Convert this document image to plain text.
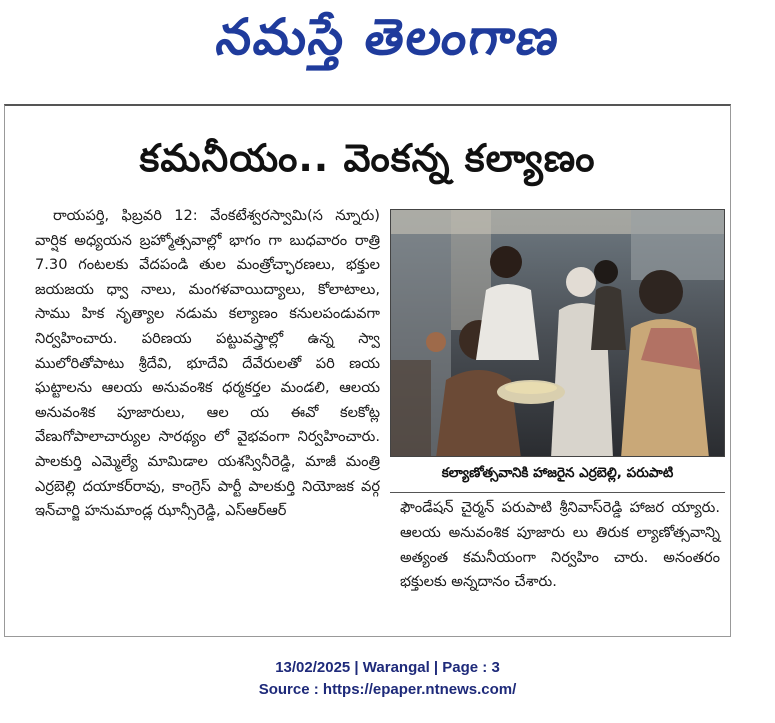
నమస్తే తెలంగాణ
కమనీయం.. వెంకన్న కల్యాణం

రాయపర్తి, ఫిబ్రవరి 12: వేంకటేశ్వరస్వామి(స న్నూరు) వార్షిక అధ్యయన బ్రహ్మోత్సవాల్లో భాగం గా బుధవారం రాత్రి 7.30 గంటలకు వేదపండి తుల మంత్రోచ్ఛారణలు, భక్తుల జయజయ ధ్వా నాలు, మంగళవాయిద్యాలు, కోలాటాలు, సాము హిక నృత్యాల నడుమ కల్యాణం కనులపండువగా నిర్వహించారు. పరిణయ పట్టువస్త్రాల్లో ఉన్న స్వా ములోరితోపాటు శ్రీదేవి, భూదేవి దేవేరులతో పరి ణయ ఘట్టాలను ఆలయ అనువంశిక ధర్మకర్తల మండలి, ఆలయ అనువంశిక పూజారులు, ఆల య ఈవో కలకోట్ల వేణుగోపాలాచార్యుల సారథ్యం లో వైభవంగా నిర్వహించారు. పాలకుర్తి ఎమ్మెల్యే మామిడాల యశస్వినీరెడ్డి, మాజీ మంత్రి ఎర్రబెల్లి దయాకర్‌రావు, కాంగ్రెస్ పార్టీ పాలకుర్తి నియోజక వర్గ ఇన్‌చార్జి హనుమాండ్ల ఝాన్సీరెడ్డి, ఎస్‌ఆర్‌ఆర్

కల్యాణోత్సవానికి హాజరైన ఎర్రబెల్లి, పరుపాటి

ఫౌండేషన్ చైర్మన్ పరుపాటి శ్రీనివాస్‌రెడ్డి హాజర య్యారు. ఆలయ అనువంశిక పూజారు లు తిరుక ల్యాణోత్సవాన్ని అత్యంత కమనీయంగా నిర్వహిం చారు. అనంతరం భక్తులకు అన్నదానం చేశారు.

13/02/2025 | Warangal | Page : 3
Source : https://epaper.ntnews.com/
